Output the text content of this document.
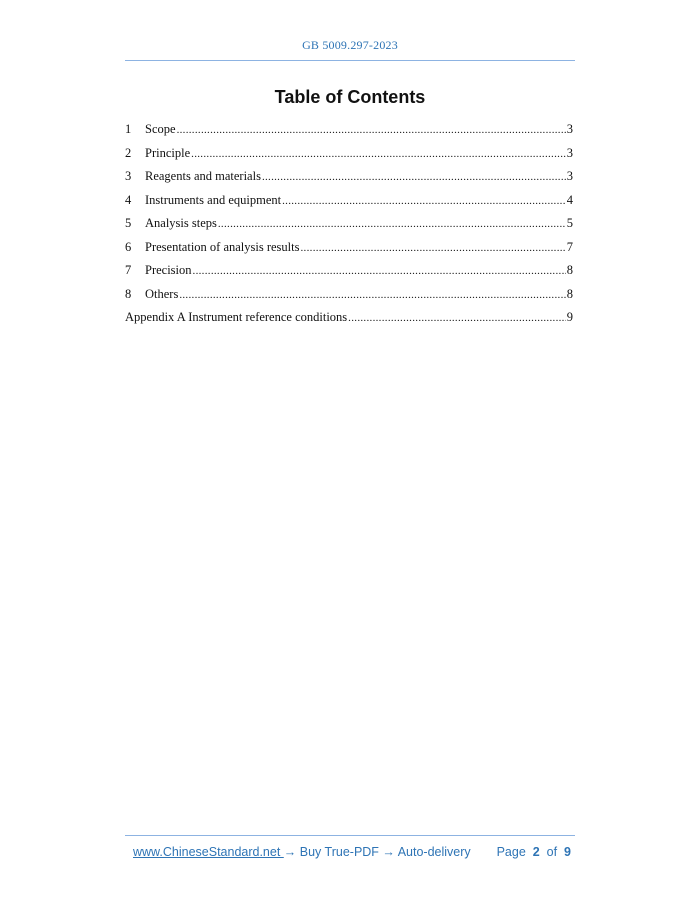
GB 5009.297-2023
Table of Contents
1	Scope .....	3
2	Principle .....	3
3	Reagents and materials .....	3
4	Instruments and equipment .....	4
5	Analysis steps .....	5
6	Presentation of analysis results .....	7
7	Precision .....	8
8	Others .....	8
Appendix A Instrument reference conditions .....	9
www.ChineseStandard.net → Buy True-PDF → Auto-delivery Page 2 of 9
